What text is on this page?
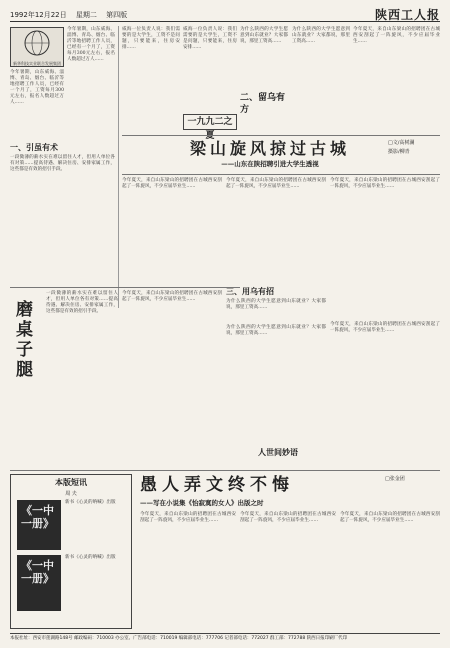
1992年12月22日 星期二 第四版	陕西工人报
新华科技实业联合发展集团
今年暑期，山东威海、淄博、青岛、烟台、临沂等地招聘工作人员，已经有一个月了，工资每月300元左右，报名人数超过万人……
今年暑期，山东威海、淄博、青岛、烟台、临沂等地招聘工作人员，已经有一个月了，工资每月300元左右，报名人数超过万人……
一、引虽有术
一段微薄的薪水实在难以留住人才，但用人单位各有对策……提高待遇、解决住房、安排家属工作，这些都是有效的招引手段。
威海一位负责人说：我们需要的是大学生，工资不是问题，只要能来，住房安排……
威海一位负责人说：我们需要的是大学生，工资不是问题，只要能来，住房安排……
二、留乌有方
为什么陕西的大学生愿意到山东就业？大家都说，那里工资高……
一九九二之夏
为什么陕西的大学生愿意到山东就业？大家都说，那里工资高……
今年夏天，来自山东梁山的招聘团在古城西安刮起了一阵旋风，不少应届毕业生……
梁山旋风掠过古城
——山东在陕招聘引进大学生透视
□文/高树澜
摄影/柳青
今年夏天，来自山东梁山的招聘团在古城西安刮起了一阵旋风，不少应届毕业生……
今年夏天，来自山东梁山的招聘团在古城西安刮起了一阵旋风，不少应届毕业生……
今年夏天，来自山东梁山的招聘团在古城西安刮起了一阵旋风，不少应届毕业生……
三、用乌有招
为什么陕西的大学生愿意到山东就业？大家都说，那里工资高……
磨桌子腿
一段微薄的薪水实在难以留住人才，但用人单位各有对策……提高待遇、解决住房、安排家属工作，这些都是有效的招引手段。
今年夏天，来自山东梁山的招聘团在古城西安刮起了一阵旋风，不少应届毕业生……
人世间妙语
为什么陕西的大学生愿意到山东就业？大家都说，那里工资高……
今年夏天，来自山东梁山的招聘团在古城西安刮起了一阵旋风，不少应届毕业生……
本版短讯
周 夫
《一中一册》
新书《心灵的呐喊》出版
《一中一册》
新书《心灵的呐喊》出版
愚人弄文终不悔
——写在小说集《怡寂寞的女人》出版之时
□张金团
今年夏天，来自山东梁山的招聘团在古城西安刮起了一阵旋风，不少应届毕业生……
今年夏天，来自山东梁山的招聘团在古城西安刮起了一阵旋风，不少应届毕业生……
今年夏天，来自山东梁山的招聘团在古城西安刮起了一阵旋风，不少应届毕业生……
本报社址：西安市莲湖路148号 邮政编码：710003 办公室、广告部电话：710019 编辑部电话：777706 记者部电话：772027 群工部：772788 陕西日报印刷厂代印
